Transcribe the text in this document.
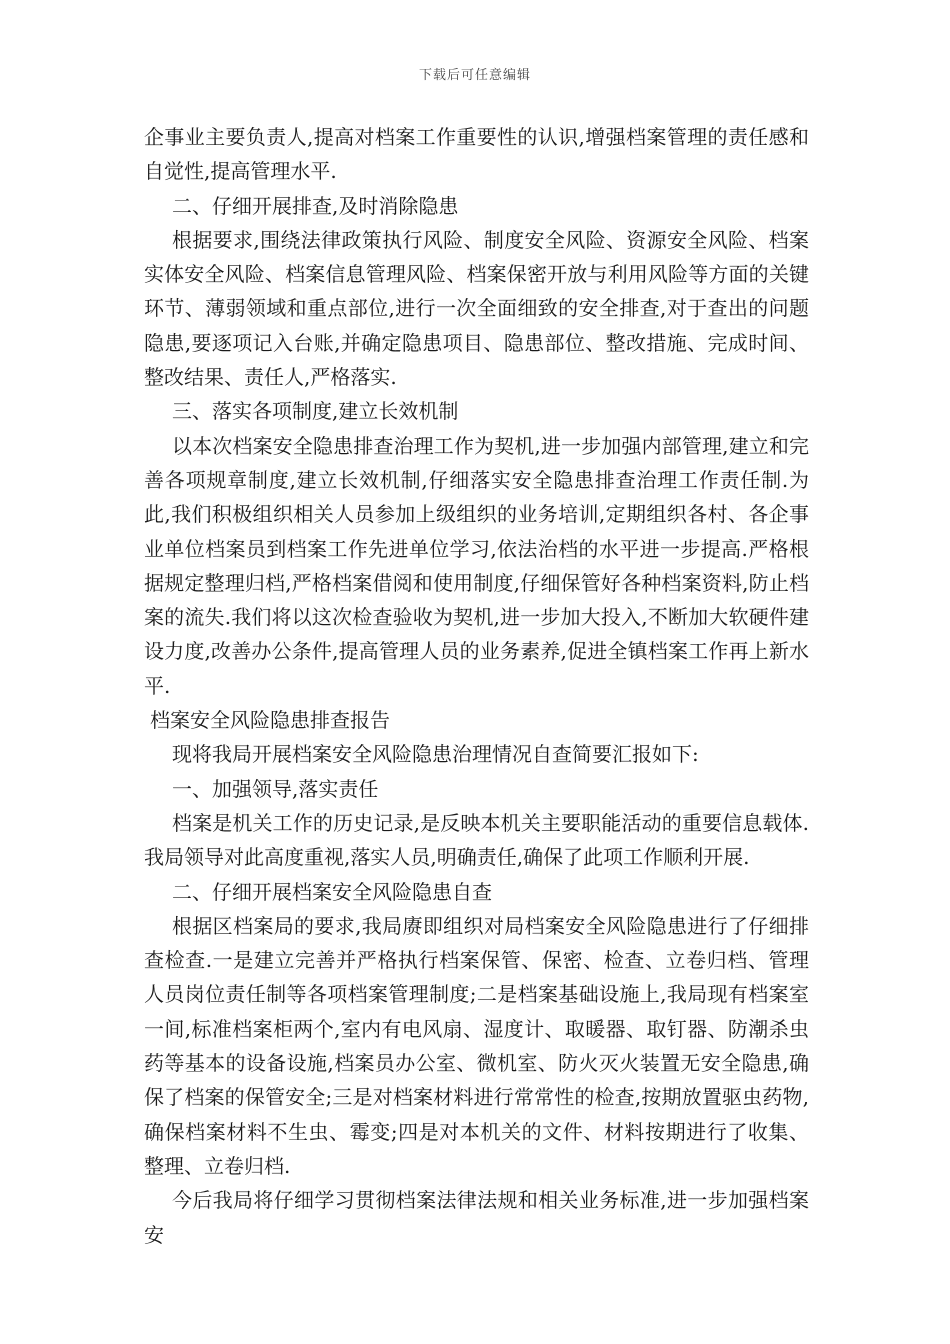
下载后可任意编辑

企事业主要负责人,提高对档案工作重要性的认识,增强档案管理的责任感和自觉性,提高管理水平.

二、仔细开展排查,及时消除隐患

根据要求,围绕法律政策执行风险、制度安全风险、资源安全风险、档案实体安全风险、档案信息管理风险、档案保密开放与利用风险等方面的关键环节、薄弱领域和重点部位,进行一次全面细致的安全排查,对于查出的问题隐患,要逐项记入台账,并确定隐患项目、隐患部位、整改措施、完成时间、整改结果、责任人,严格落实.

三、落实各项制度,建立长效机制

以本次档案安全隐患排查治理工作为契机,进一步加强内部管理,建立和完善各项规章制度,建立长效机制,仔细落实安全隐患排查治理工作责任制.为此,我们积极组织相关人员参加上级组织的业务培训,定期组织各村、各企事业单位档案员到档案工作先进单位学习,依法治档的水平进一步提高.严格根据规定整理归档,严格档案借阅和使用制度,仔细保管好各种档案资料,防止档案的流失.我们将以这次检查验收为契机,进一步加大投入,不断加大软硬件建设力度,改善办公条件,提高管理人员的业务素养,促进全镇档案工作再上新水平.

档案安全风险隐患排查报告

现将我局开展档案安全风险隐患治理情况自查简要汇报如下:

一、加强领导,落实责任

档案是机关工作的历史记录,是反映本机关主要职能活动的重要信息载体.我局领导对此高度重视,落实人员,明确责任,确保了此项工作顺利开展.

二、仔细开展档案安全风险隐患自查

根据区档案局的要求,我局赓即组织对局档案安全风险隐患进行了仔细排查检查.一是建立完善并严格执行档案保管、保密、检查、立卷归档、管理人员岗位责任制等各项档案管理制度;二是档案基础设施上,我局现有档案室一间,标准档案柜两个,室内有电风扇、湿度计、取暖器、取钉器、防潮杀虫药等基本的设备设施,档案员办公室、微机室、防火灭火装置无安全隐患,确保了档案的保管安全;三是对档案材料进行常常性的检查,按期放置驱虫药物,确保档案材料不生虫、霉变;四是对本机关的文件、材料按期进行了收集、整理、立卷归档.

今后我局将仔细学习贯彻档案法律法规和相关业务标准,进一步加强档案安
